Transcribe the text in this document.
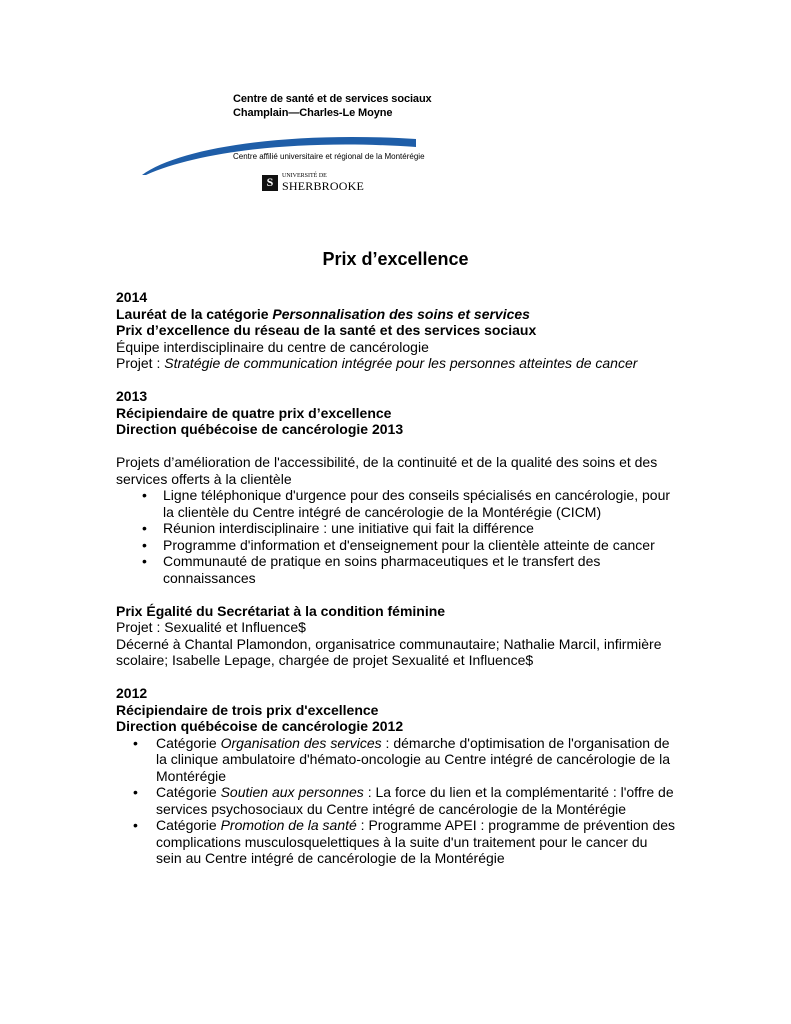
Centre de santé et de services sociaux
Champlain—Charles-Le Moyne
Centre affilié universitaire et régional de la Montérégie
S	UNIVERSITÉ DE
SHERBROOKE
Prix d’excellence

2014

Lauréat de la catégorie Personnalisation des soins et services

Prix d’excellence du réseau de la santé et des services sociaux

Équipe interdisciplinaire du centre de cancérologie

Projet : Stratégie de communication intégrée pour les personnes atteintes de cancer

2013

Récipiendaire de quatre prix d’excellence

Direction québécoise de cancérologie 2013

Projets d’amélioration de l'accessibilité, de la continuité et de la qualité des soins et des services offerts à la clientèle

• Ligne téléphonique d'urgence pour des conseils spécialisés en cancérologie, pour la clientèle du Centre intégré de cancérologie de la Montérégie (CICM)
• Réunion interdisciplinaire : une initiative qui fait la différence
• Programme d'information et d'enseignement pour la clientèle atteinte de cancer
• Communauté de pratique en soins pharmaceutiques et le transfert des connaissances

Prix Égalité du Secrétariat à la condition féminine

Projet : Sexualité et Influence$

Décerné à Chantal Plamondon, organisatrice communautaire; Nathalie Marcil, infirmière scolaire; Isabelle Lepage, chargée de projet Sexualité et Influence$

2012

Récipiendaire de trois prix d'excellence

Direction québécoise de cancérologie 2012

• Catégorie Organisation des services : démarche d'optimisation de l'organisation de la clinique ambulatoire d'hémato-oncologie au Centre intégré de cancérologie de la Montérégie
• Catégorie Soutien aux personnes : La force du lien et la complémentarité : l'offre de services psychosociaux du Centre intégré de cancérologie de la Montérégie
• Catégorie Promotion de la santé : Programme APEI : programme de prévention des complications musculosquelettiques à la suite d'un traitement pour le cancer du sein au Centre intégré de cancérologie de la Montérégie
